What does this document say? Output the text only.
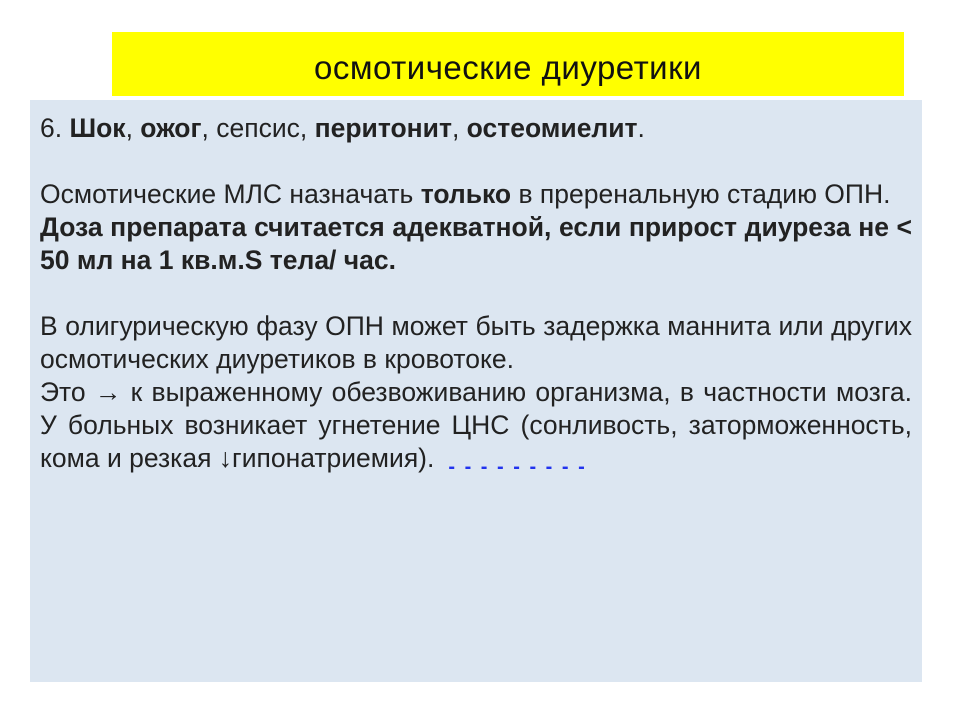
осмотические диуретики

6. Шок, ожог, сепсис, перитонит, остеомиелит.

Осмотические МЛС назначать только в преренальную стадию ОПН.

Доза препарата считается адекватной, если прирост диуреза не < 50 мл на 1 кв.м.S тела/ час.

В олигурическую фазу ОПН может быть задержка маннита или других осмотических диуретиков в кровотоке.

Это → к выраженному обезвоживанию организма, в частности мозга. У больных возникает угнетение ЦНС (сонливость, заторможенность, кома и резкая ↓гипонатриемия). $_{- - - - - - - - -}$
